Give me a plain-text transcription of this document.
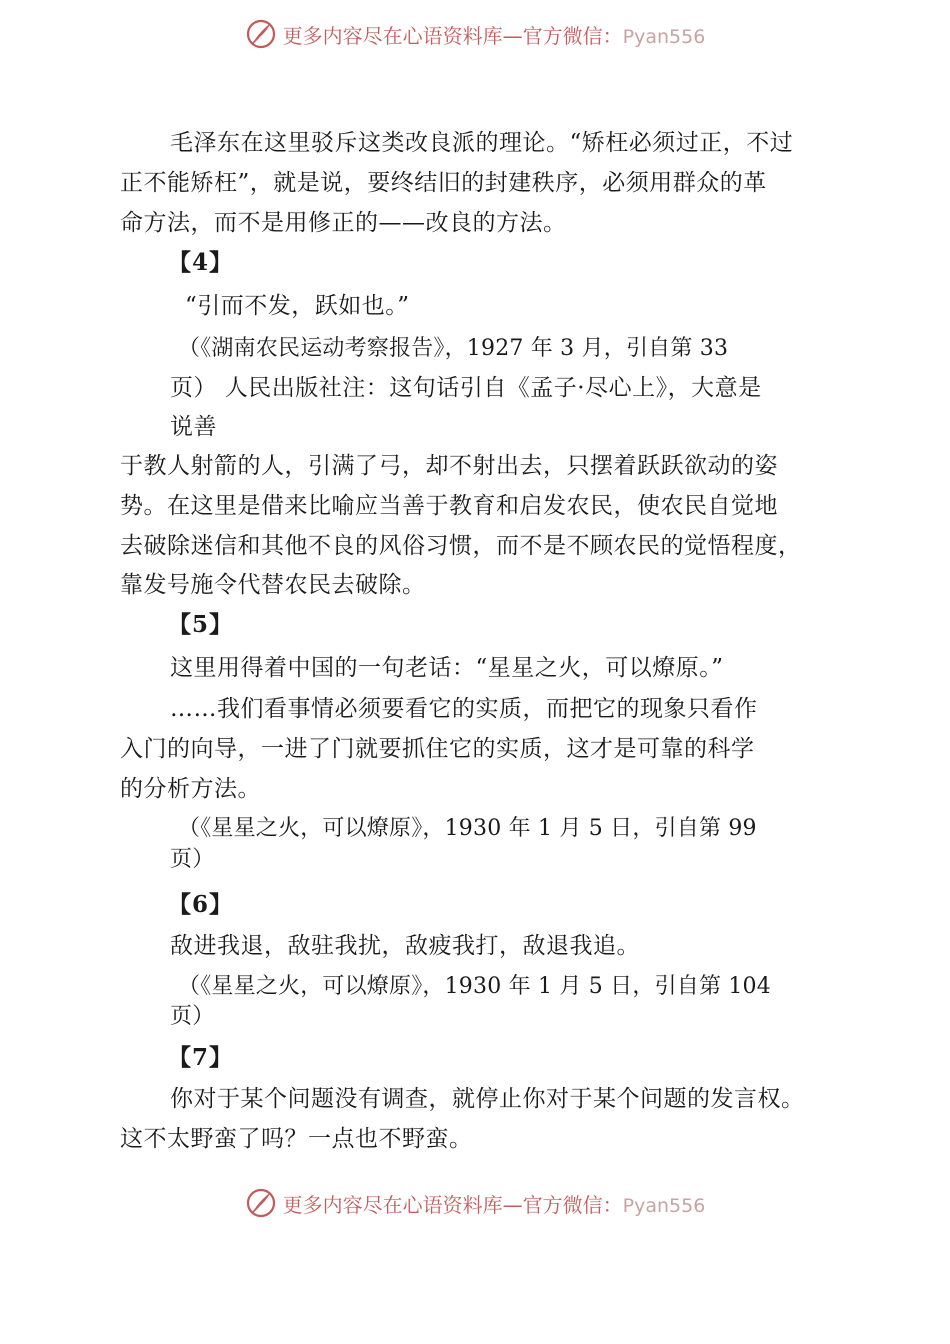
更多内容尽在心语资料库—官方微信：Pyan556
毛泽东在这里驳斥这类改良派的理论。“矫枉必须过正，不过
正不能矫枉”，就是说，要终结旧的封建秩序，必须用群众的革
命方法，而不是用修正的——改良的方法。
【4】
“引而不发，跃如也。”
（《湖南农民运动考察报告》，1927 年 3 月，引自第 33
页） 人民出版社注：这句话引自《孟子·尽心上》，大意是
说善
于教人射箭的人，引满了弓，却不射出去，只摆着跃跃欲动的姿
势。在这里是借来比喻应当善于教育和启发农民，使农民自觉地
去破除迷信和其他不良的风俗习惯，而不是不顾农民的觉悟程度，
靠发号施令代替农民去破除。
【5】
这里用得着中国的一句老话：“星星之火，可以燎原。”
……我们看事情必须要看它的实质，而把它的现象只看作
入门的向导，一进了门就要抓住它的实质，这才是可靠的科学
的分析方法。
（《星星之火，可以燎原》，1930 年 1 月 5 日，引自第 99
页）
【6】
敌进我退，敌驻我扰，敌疲我打，敌退我追。
（《星星之火，可以燎原》，1930 年 1 月 5 日，引自第 104
页）
【7】
你对于某个问题没有调查，就停止你对于某个问题的发言权。
这不太野蛮了吗？一点也不野蛮。
更多内容尽在心语资料库—官方微信：Pyan556
